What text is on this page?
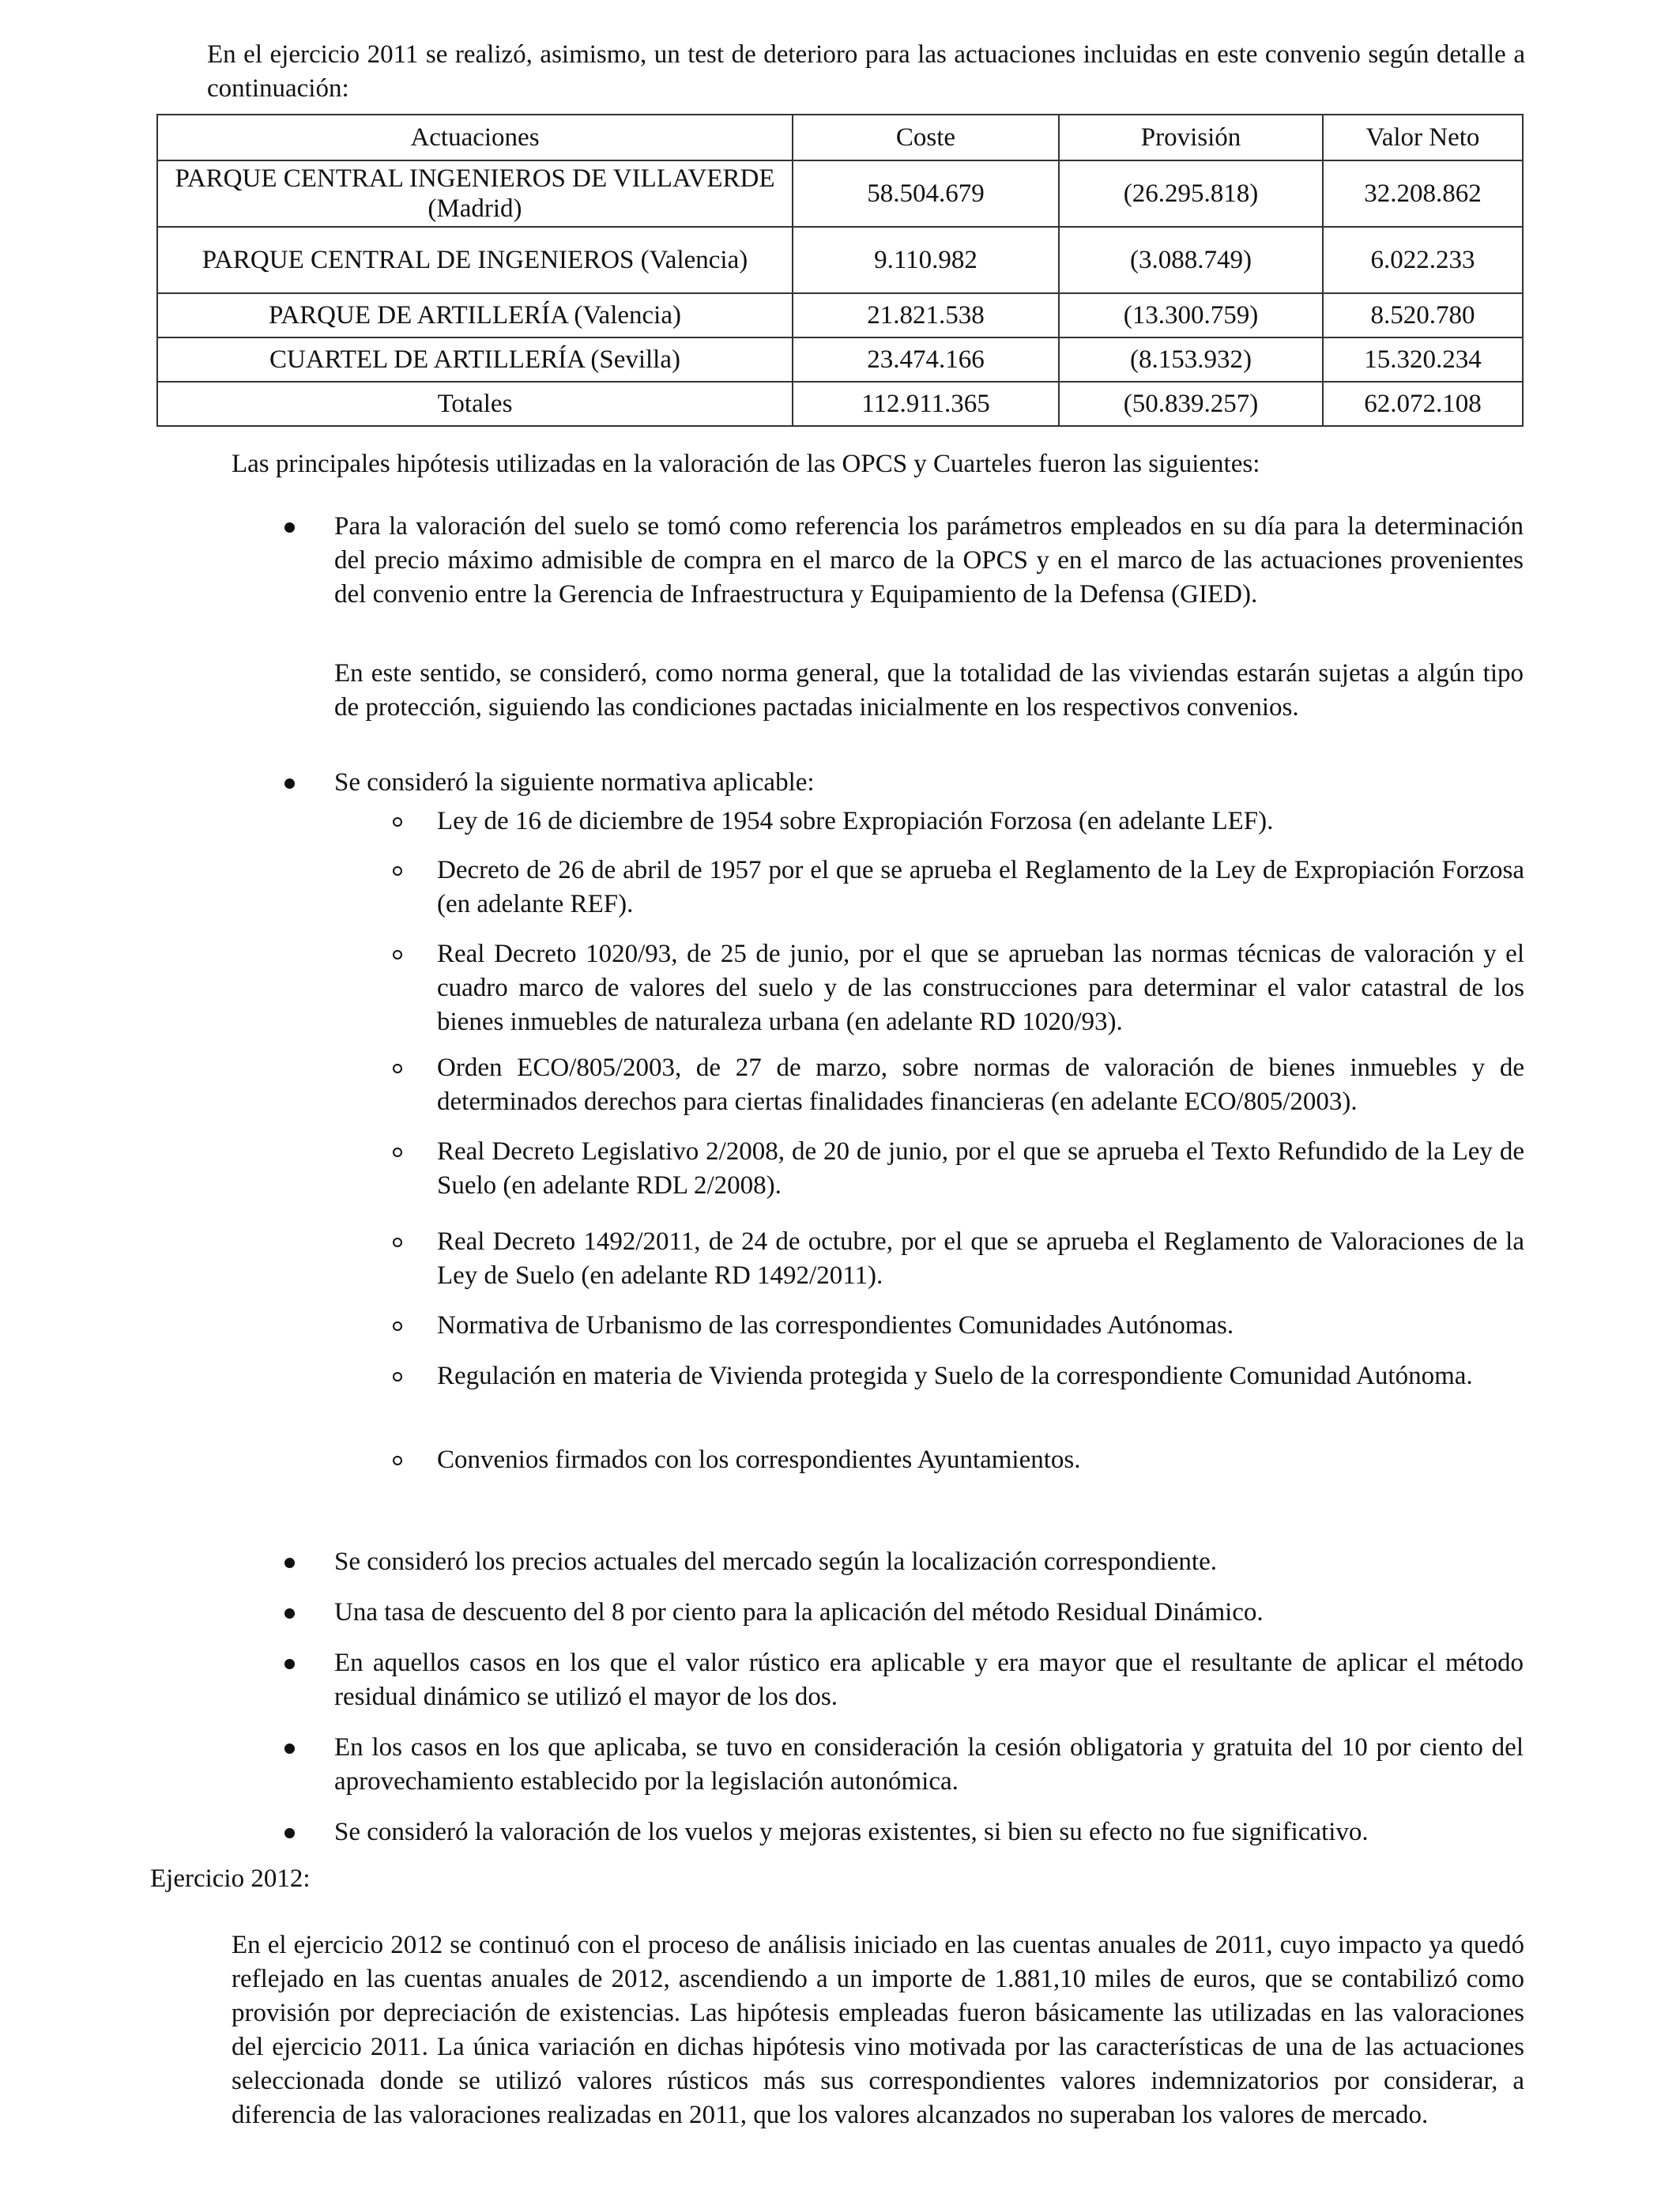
En el ejercicio 2011 se realizó, asimismo, un test de deterioro para las actuaciones incluidas en este convenio según detalle a continuación:

Actuaciones	Coste	Provisión	Valor Neto
PARQUE CENTRAL INGENIEROS DE VILLAVERDE (Madrid)	58.504.679	(26.295.818)	32.208.862
PARQUE CENTRAL DE INGENIEROS (Valencia)	9.110.982	(3.088.749)	6.022.233
PARQUE DE ARTILLERÍA (Valencia)	21.821.538	(13.300.759)	8.520.780
CUARTEL DE ARTILLERÍA (Sevilla)	23.474.166	(8.153.932)	15.320.234
Totales	112.911.365	(50.839.257)	62.072.108

Las principales hipótesis utilizadas en la valoración de las OPCS y Cuarteles fueron las siguientes:

Para la valoración del suelo se tomó como referencia los parámetros empleados en su día para la determinación del precio máximo admisible de compra en el marco de la OPCS y en el marco de las actuaciones provenientes del convenio entre la Gerencia de Infraestructura y Equipamiento de la Defensa (GIED).

En este sentido, se consideró, como norma general, que la totalidad de las viviendas estarán sujetas a algún tipo de protección, siguiendo las condiciones pactadas inicialmente en los respectivos convenios.

Se consideró la siguiente normativa aplicable:

Ley de 16 de diciembre de 1954 sobre Expropiación Forzosa (en adelante LEF).

Decreto de 26 de abril de 1957 por el que se aprueba el Reglamento de la Ley de Expropiación Forzosa (en adelante REF).

Real Decreto 1020/93, de 25 de junio, por el que se aprueban las normas técnicas de valoración y el cuadro marco de valores del suelo y de las construcciones para determinar el valor catastral de los bienes inmuebles de naturaleza urbana (en adelante RD 1020/93).

Orden ECO/805/2003, de 27 de marzo, sobre normas de valoración de bienes inmuebles y de determinados derechos para ciertas finalidades financieras (en adelante ECO/805/2003).

Real Decreto Legislativo 2/2008, de 20 de junio, por el que se aprueba el Texto Refundido de la Ley de Suelo (en adelante RDL 2/2008).

Real Decreto 1492/2011, de 24 de octubre, por el que se aprueba el Reglamento de Valoraciones de la Ley de Suelo (en adelante RD 1492/2011).

Normativa de Urbanismo de las correspondientes Comunidades Autónomas.

Regulación en materia de Vivienda protegida y Suelo de la correspondiente Comunidad Autónoma.

Convenios firmados con los correspondientes Ayuntamientos.

Se consideró los precios actuales del mercado según la localización correspondiente.

Una tasa de descuento del 8 por ciento para la aplicación del método Residual Dinámico.

En aquellos casos en los que el valor rústico era aplicable y era mayor que el resultante de aplicar el método residual dinámico se utilizó el mayor de los dos.

En los casos en los que aplicaba, se tuvo en consideración la cesión obligatoria y gratuita del 10 por ciento del aprovechamiento establecido por la legislación autonómica.

Se consideró la valoración de los vuelos y mejoras existentes, si bien su efecto no fue significativo.

Ejercicio 2012:

En el ejercicio 2012 se continuó con el proceso de análisis iniciado en las cuentas anuales de 2011, cuyo impacto ya quedó reflejado en las cuentas anuales de 2012, ascendiendo a un importe de 1.881,10 miles de euros, que se contabilizó como provisión por depreciación de existencias. Las hipótesis empleadas fueron básicamente las utilizadas en las valoraciones del ejercicio 2011. La única variación en dichas hipótesis vino motivada por las características de una de las actuaciones seleccionada donde se utilizó valores rústicos más sus correspondientes valores indemnizatorios por considerar, a diferencia de las valoraciones realizadas en 2011, que los valores alcanzados no superaban los valores de mercado.
